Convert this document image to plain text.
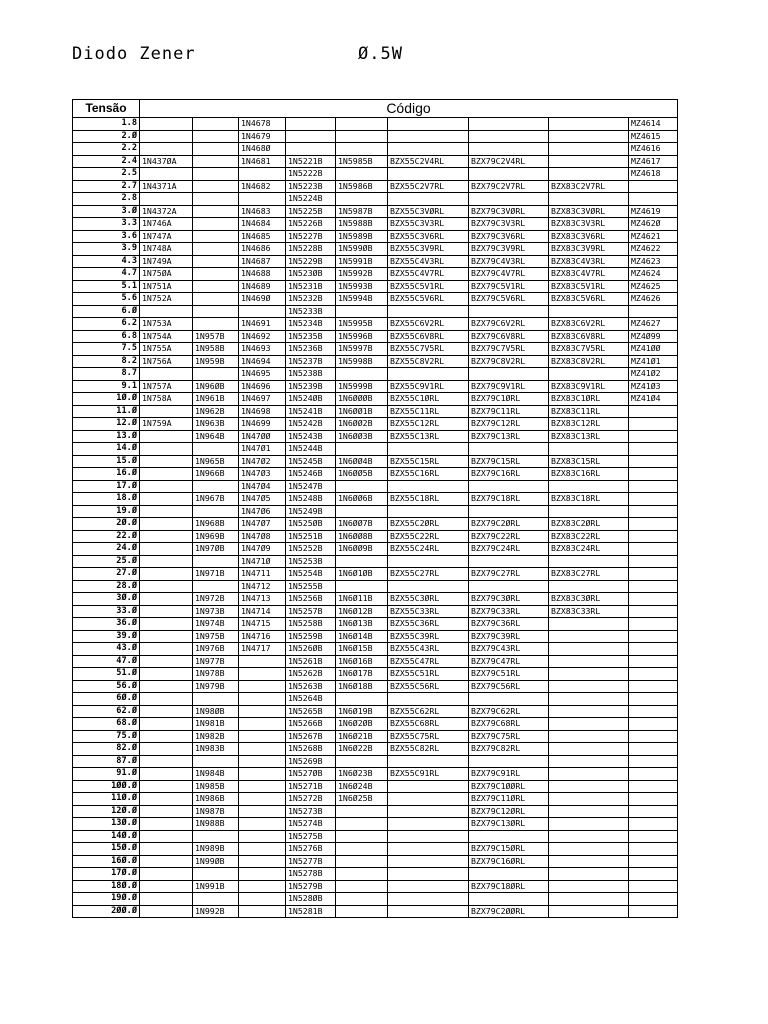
Diodo Zener	Ø.5W
Tensão	Código								
1.8			1N4678						MZ4614
2.Ø			1N4679						MZ4615
2.2			1N468Ø						MZ4616
2.4	1N437ØA		1N4681	1N5221B	1N5985B	BZX55C2V4RL	BZX79C2V4RL		MZ4617
2.5				1N5222B					MZ4618
2.7	1N4371A		1N4682	1N5223B	1N5986B	BZX55C2V7RL	BZX79C2V7RL	BZX83C2V7RL	
2.8				1N5224B					
3.Ø	1N4372A		1N4683	1N5225B	1N5987B	BZX55C3VØRL	BZX79C3VØRL	BZX83C3VØRL	MZ4619
3.3	1N746A		1N4684	1N5226B	1N5988B	BZX55C3V3RL	BZX79C3V3RL	BZX83C3V3RL	MZ462Ø
3.6	1N747A		1N4685	1N5227B	1N5989B	BZX55C3V6RL	BZX79C3V6RL	BZX83C3V6RL	MZ4621
3.9	1N748A		1N4686	1N5228B	1N599ØB	BZX55C3V9RL	BZX79C3V9RL	BZX83C3V9RL	MZ4622
4.3	1N749A		1N4687	1N5229B	1N5991B	BZX55C4V3RL	BZX79C4V3RL	BZX83C4V3RL	MZ4623
4.7	1N75ØA		1N4688	1N523ØB	1N5992B	BZX55C4V7RL	BZX79C4V7RL	BZX83C4V7RL	MZ4624
5.1	1N751A		1N4689	1N5231B	1N5993B	BZX55C5V1RL	BZX79C5V1RL	BZX83C5V1RL	MZ4625
5.6	1N752A		1N469Ø	1N5232B	1N5994B	BZX55C5V6RL	BZX79C5V6RL	BZX83C5V6RL	MZ4626
6.Ø				1N5233B					
6.2	1N753A		1N4691	1N5234B	1N5995B	BZX55C6V2RL	BZX79C6V2RL	BZX83C6V2RL	MZ4627
6.8	1N754A	1N957B	1N4692	1N5235B	1N5996B	BZX55C6V8RL	BZX79C6V8RL	BZX83C6V8RL	MZ4Ø99
7.5	1N755A	1N958B	1N4693	1N5236B	1N5997B	BZX55C7V5RL	BZX79C7V5RL	BZX83C7V5RL	MZ41ØØ
8.2	1N756A	1N959B	1N4694	1N5237B	1N5998B	BZX55C8V2RL	BZX79C8V2RL	BZX83C8V2RL	MZ41Ø1
8.7			1N4695	1N5238B					MZ41Ø2
9.1	1N757A	1N96ØB	1N4696	1N5239B	1N5999B	BZX55C9V1RL	BZX79C9V1RL	BZX83C9V1RL	MZ41Ø3
1Ø.Ø	1N758A	1N961B	1N4697	1N524ØB	1N6ØØØB	BZX55C1ØRL	BZX79C1ØRL	BZX83C1ØRL	MZ41Ø4
11.Ø		1N962B	1N4698	1N5241B	1N6ØØ1B	BZX55C11RL	BZX79C11RL	BZX83C11RL	
12.Ø	1N759A	1N963B	1N4699	1N5242B	1N6ØØ2B	BZX55C12RL	BZX79C12RL	BZX83C12RL	
13.Ø		1N964B	1N47ØØ	1N5243B	1N6ØØ3B	BZX55C13RL	BZX79C13RL	BZX83C13RL	
14.Ø			1N47Ø1	1N5244B					
15.Ø		1N965B	1N47Ø2	1N5245B	1N6ØØ4B	BZX55C15RL	BZX79C15RL	BZX83C15RL	
16.Ø		1N966B	1N47Ø3	1N5246B	1N6ØØ5B	BZX55C16RL	BZX79C16RL	BZX83C16RL	
17.Ø			1N47Ø4	1N5247B					
18.Ø		1N967B	1N47Ø5	1N5248B	1N6ØØ6B	BZX55C18RL	BZX79C18RL	BZX83C18RL	
19.Ø			1N47Ø6	1N5249B					
2Ø.Ø		1N968B	1N47Ø7	1N525ØB	1N6ØØ7B	BZX55C2ØRL	BZX79C2ØRL	BZX83C2ØRL	
22.Ø		1N969B	1N47Ø8	1N5251B	1N6ØØ8B	BZX55C22RL	BZX79C22RL	BZX83C22RL	
24.Ø		1N97ØB	1N47Ø9	1N5252B	1N6ØØ9B	BZX55C24RL	BZX79C24RL	BZX83C24RL	
25.Ø			1N471Ø	1N5253B					
27.Ø		1N971B	1N4711	1N5254B	1N6Ø1ØB	BZX55C27RL	BZX79C27RL	BZX83C27RL	
28.Ø			1N4712	1N5255B					
3Ø.Ø		1N972B	1N4713	1N5256B	1N6Ø11B	BZX55C3ØRL	BZX79C3ØRL	BZX83C3ØRL	
33.Ø		1N973B	1N4714	1N5257B	1N6Ø12B	BZX55C33RL	BZX79C33RL	BZX83C33RL	
36.Ø		1N974B	1N4715	1N5258B	1N6Ø13B	BZX55C36RL	BZX79C36RL		
39.Ø		1N975B	1N4716	1N5259B	1N6Ø14B	BZX55C39RL	BZX79C39RL		
43.Ø		1N976B	1N4717	1N526ØB	1N6Ø15B	BZX55C43RL	BZX79C43RL		
47.Ø		1N977B		1N5261B	1N6Ø16B	BZX55C47RL	BZX79C47RL		
51.Ø		1N978B		1N5262B	1N6Ø17B	BZX55C51RL	BZX79C51RL		
56.Ø		1N979B		1N5263B	1N6Ø18B	BZX55C56RL	BZX79C56RL		
6Ø.Ø				1N5264B					
62.Ø		1N98ØB		1N5265B	1N6Ø19B	BZX55C62RL	BZX79C62RL		
68.Ø		1N981B		1N5266B	1N6Ø2ØB	BZX55C68RL	BZX79C68RL		
75.Ø		1N982B		1N5267B	1N6Ø21B	BZX55C75RL	BZX79C75RL		
82.Ø		1N983B		1N5268B	1N6Ø22B	BZX55C82RL	BZX79C82RL		
87.Ø				1N5269B					
91.Ø		1N984B		1N527ØB	1N6Ø23B	BZX55C91RL	BZX79C91RL		
1ØØ.Ø		1N985B		1N5271B	1N6Ø24B		BZX79C1ØØRL		
11Ø.Ø		1N986B		1N5272B	1N6Ø25B		BZX79C11ØRL		
12Ø.Ø		1N987B		1N5273B			BZX79C12ØRL		
13Ø.Ø		1N988B		1N5274B			BZX79C13ØRL		
14Ø.Ø				1N5275B					
15Ø.Ø		1N989B		1N5276B			BZX79C15ØRL		
16Ø.Ø		1N99ØB		1N5277B			BZX79C16ØRL		
17Ø.Ø				1N5278B					
18Ø.Ø		1N991B		1N5279B			BZX79C18ØRL		
19Ø.Ø				1N528ØB					
2ØØ.Ø		1N992B		1N5281B			BZX79C2ØØRL		
